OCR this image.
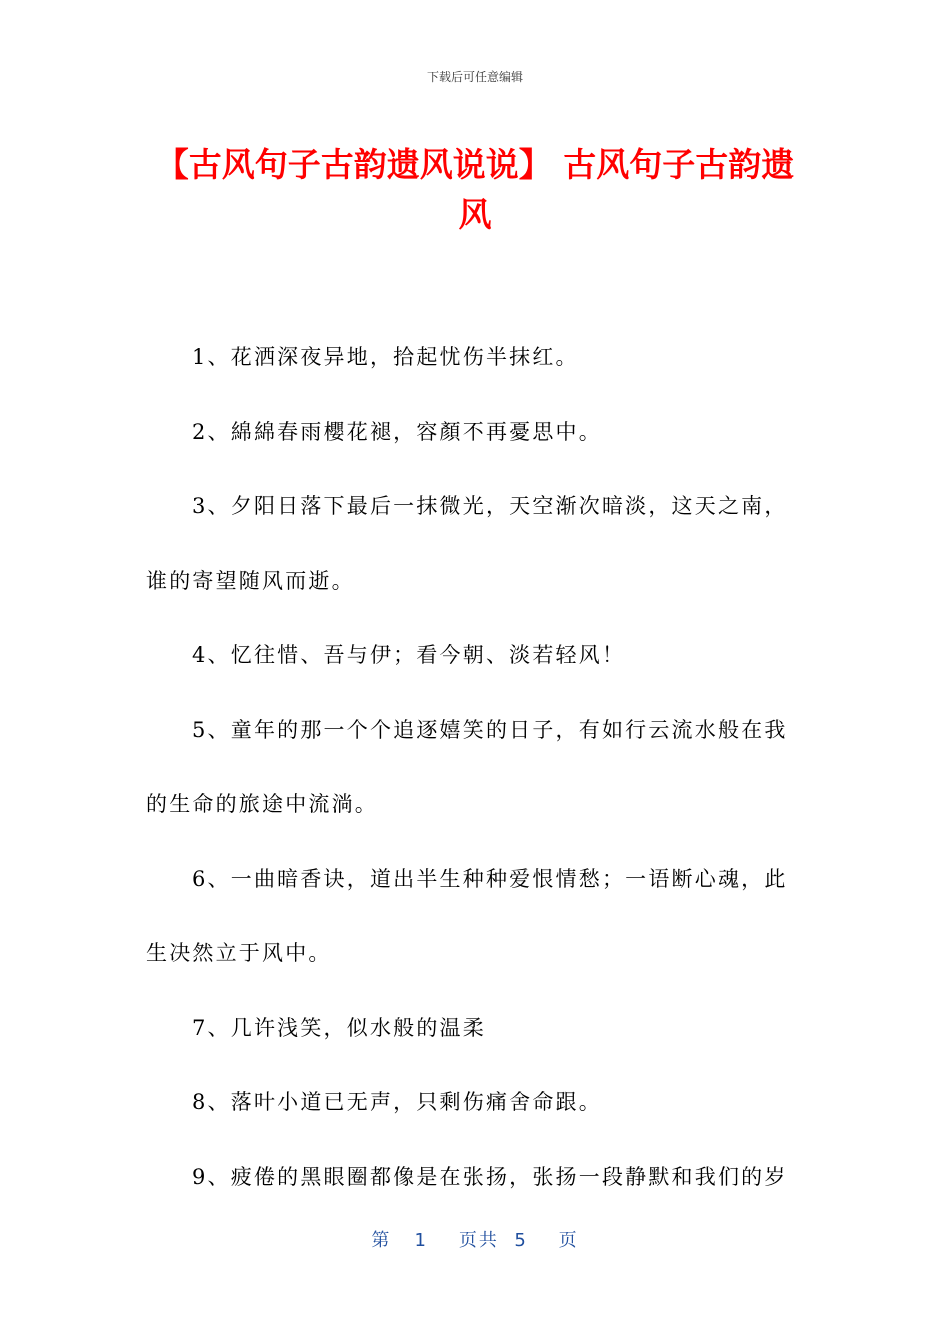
下载后可任意编辑
【古风句子古韵遗风说说】 古风句子古韵遗风

1、花洒深夜异地，拾起忧伤半抹红。

2、綿綿春雨櫻花褪，容顏不再憂思中。

3、夕阳日落下最后一抹微光，天空渐次暗淡，这天之南，谁的寄望随风而逝。

4、忆往惜、吾与伊；看今朝、淡若轻风！

5、童年的那一个个追逐嬉笑的日子，有如行云流水般在我的生命的旅途中流淌。

6、一曲暗香诀，道出半生种种爱恨情愁；一语断心魂，此生决然立于风中。

7、几许浅笑，似水般的温柔

8、落叶小道已无声，只剩伤痛舍命跟。

9、疲倦的黑眼圈都像是在张扬，张扬一段静默和我们的岁

第 1 页共 5 页
